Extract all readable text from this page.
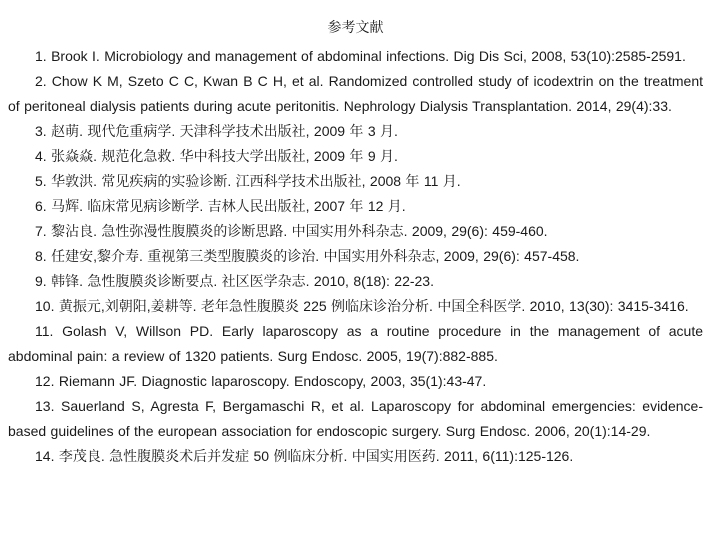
参考文献

1. Brook I. Microbiology and management of abdominal infections. Dig Dis Sci, 2008, 53(10):2585-2591.

2. Chow K M, Szeto C C, Kwan B C H, et al. Randomized controlled study of icodextrin on the treatment of peritoneal dialysis patients during acute peritonitis. Nephrology Dialysis Transplantation. 2014, 29(4):33.

3. 赵萌. 现代危重病学. 天津科学技术出版社, 2009 年 3 月.

4. 张焱焱. 规范化急救. 华中科技大学出版社, 2009 年 9 月.

5. 华敦洪. 常见疾病的实验诊断. 江西科学技术出版社, 2008 年 11 月.

6. 马辉. 临床常见病诊断学. 吉林人民出版社, 2007 年 12 月.

7. 黎沾良. 急性弥漫性腹膜炎的诊断思路. 中国实用外科杂志. 2009, 29(6): 459-460.

8. 任建安,黎介寿. 重视第三类型腹膜炎的诊治. 中国实用外科杂志, 2009, 29(6): 457-458.

9. 韩锋. 急性腹膜炎诊断要点. 社区医学杂志. 2010, 8(18): 22-23.

10. 黄振元,刘朝阳,姜耕等. 老年急性腹膜炎 225 例临床诊治分析. 中国全科医学. 2010, 13(30): 3415-3416.

11. Golash V, Willson PD. Early laparoscopy as a routine procedure in the management of acute abdominal pain: a review of 1320 patients. Surg Endosc. 2005, 19(7):882-885.

12. Riemann JF. Diagnostic laparoscopy. Endoscopy, 2003, 35(1):43-47.

13. Sauerland S, Agresta F, Bergamaschi R, et al. Laparoscopy for abdominal emergencies: evidence-based guidelines of the european association for endoscopic surgery. Surg Endosc. 2006, 20(1):14-29.

14. 李茂良. 急性腹膜炎术后并发症 50 例临床分析. 中国实用医药. 2011, 6(11):125-126.
